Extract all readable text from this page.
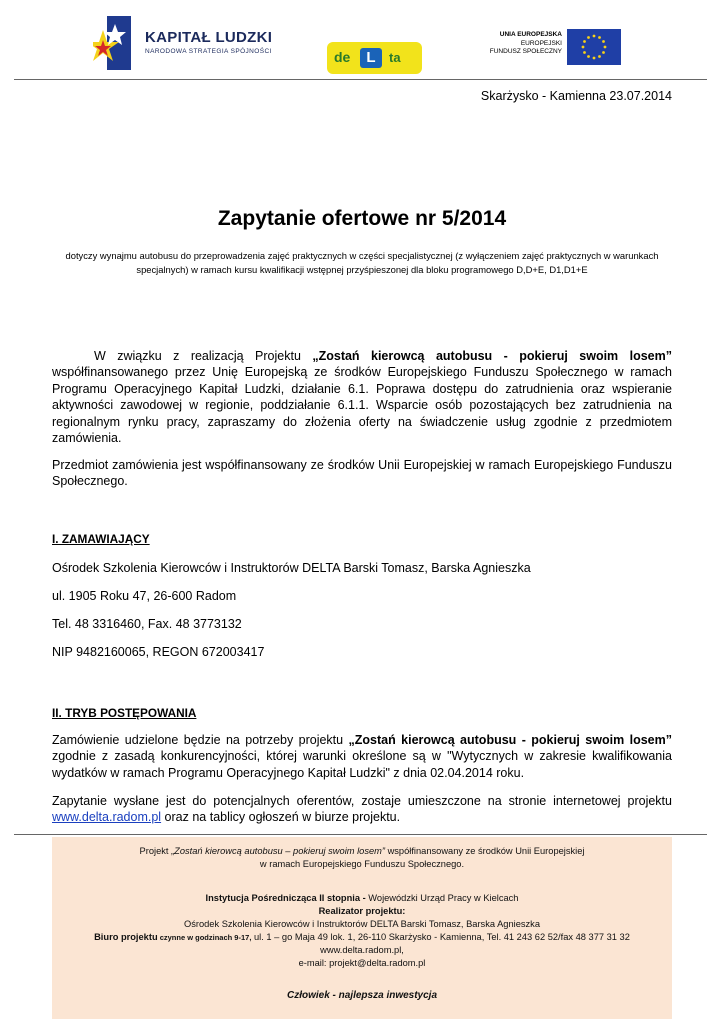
KAPITAŁ LUDZKI
NARODOWA STRATEGIA SPÓJNOŚCI	de	L	ta
UNIA EUROPEJSKA
EUROPEJSKI
FUNDUSZ SPOŁECZNY
Skarżysko - Kamienna 23.07.2014
Zapytanie ofertowe nr 5/2014
dotyczy wynajmu autobusu do przeprowadzenia zajęć praktycznych w części specjalistycznej (z wyłączeniem zajęć praktycznych w warunkach specjalnych) w ramach kursu kwalifikacji wstępnej przyśpieszonej dla bloku programowego D,D+E, D1,D1+E
W związku z realizacją Projektu „Zostań kierowcą autobusu - pokieruj swoim losem” współfinansowanego przez Unię Europejską ze środków Europejskiego Funduszu Społecznego w ramach Programu Operacyjnego Kapitał Ludzki, działanie 6.1. Poprawa dostępu do zatrudnienia oraz wspieranie aktywności zawodowej w regionie, poddziałanie 6.1.1. Wsparcie osób pozostających bez zatrudnienia na regionalnym rynku pracy, zapraszamy do złożenia oferty na świadczenie usług zgodnie z przedmiotem zamówienia.
Przedmiot zamówienia jest współfinansowany ze środków Unii Europejskiej w ramach Europejskiego Funduszu Społecznego.
I. ZAMAWIAJĄCY
Ośrodek Szkolenia Kierowców i Instruktorów DELTA Barski Tomasz, Barska Agnieszka
ul. 1905 Roku 47, 26-600 Radom
Tel. 48 3316460, Fax. 48 3773132
NIP 9482160065, REGON 672003417
II. TRYB POSTĘPOWANIA
Zamówienie udzielone będzie na potrzeby projektu „Zostań kierowcą autobusu - pokieruj swoim losem” zgodnie z zasadą konkurencyjności, której warunki określone są w "Wytycznych w zakresie kwalifikowania wydatków w ramach Programu Operacyjnego Kapitał Ludzki" z dnia 02.04.2014 roku.
Zapytanie wysłane jest do potencjalnych oferentów, zostaje umieszczone na stronie internetowej projektu www.delta.radom.pl oraz na tablicy ogłoszeń w biurze projektu.
Projekt „Zostań kierowcą autobusu – pokieruj swoim losem” współfinansowany ze środków Unii Europejskiej
w ramach Europejskiego Funduszu Społecznego.
Instytucja Pośrednicząca II stopnia - Wojewódzki Urząd Pracy w Kielcach
Realizator projektu:
Ośrodek Szkolenia Kierowców i Instruktorów DELTA Barski Tomasz, Barska Agnieszka
Biuro projektu czynne w godzinach 9-17, ul. 1 – go Maja 49 lok. 1, 26-110 Skarżysko - Kamienna, Tel. 41 243 62 52/fax 48 377 31 32
www.delta.radom.pl,
e-mail: projekt@delta.radom.pl
Człowiek - najlepsza inwestycja
